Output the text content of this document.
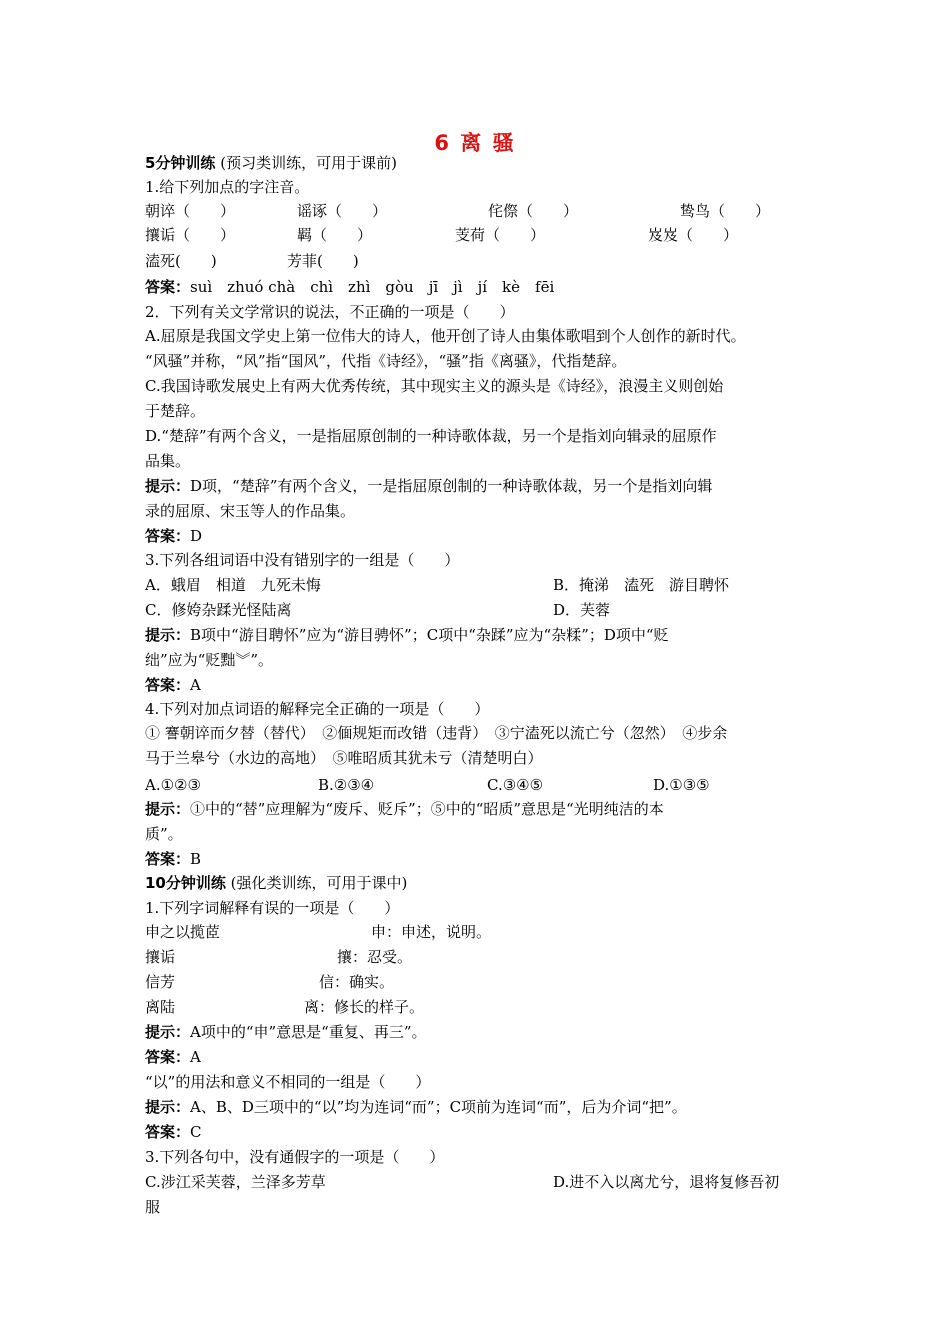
6 离 骚
5分钟训练 (预习类训练，可用于课前)
1.给下列加点的字注音。
朝谇（　　）	谣诼（　　）	侘傺（　　）	鸷鸟（　　）
攘诟（　　）	羁（　　）	芰荷（　　）	岌岌（　　）
溘死(　　)	芳菲(　　)
答案：suì　zhuó chà　chì　zhì　gòu　jī　jì　jí　kè　fēi
2．下列有关文学常识的说法，不正确的一项是（　　）
A.屈原是我国文学史上第一位伟大的诗人，他开创了诗人由集体歌唱到个人创作的新时代。
“风骚”并称，“风”指“国风”，代指《诗经》，“骚”指《离骚》，代指楚辞。
C.我国诗歌发展史上有两大优秀传统，其中现实主义的源头是《诗经》，浪漫主义则创始
于楚辞。
D.“楚辞”有两个含义，一是指屈原创制的一种诗歌体裁，另一个是指刘向辑录的屈原作
品集。
提示：D项，“楚辞”有两个含义，一是指屈原创制的一种诗歌体裁，另一个是指刘向辑
录的屈原、宋玉等人的作品集。
答案：D
3.下列各组词语中没有错别字的一组是（　　）
A．蛾眉　相道　九死未悔	B．掩涕　溘死　游目聘怀
C．修姱杂蹂光怪陆离	D．芙蓉
提示：B项中“游目聘怀”应为“游目骋怀”；C项中“杂蹂”应为“杂糅”；D项中“贬
绌”应为“贬黜︾”。
答案：A
4.下列对加点词语的解释完全正确的一项是（　　）
① 謇朝谇而夕替（替代）　②偭规矩而改错（违背）　③宁溘死以流亡兮（忽然）　④步余
马于兰皋兮（水边的高地）　⑤唯昭质其犹未亏（清楚明白）
A.①②③	B.②③④	C.③④⑤	D.①③⑤
提示：①中的“替”应理解为“废斥、贬斥”；⑤中的“昭质”意思是“光明纯洁的本
质”。
答案：B
10分钟训练 (强化类训练，可用于课中)
1.下列字词解释有误的一项是（　　）
申之以揽茝	申：申述，说明。
攘诟	攘：忍受。
信芳	信：确实。
离陆	离：修长的样子。
提示：A项中的“申”意思是“重复、再三”。
答案：A
“以”的用法和意义不相同的一组是（　　）
提示：A、B、D三项中的“以”均为连词“而”；C项前为连词“而”，后为介词“把”。
答案：C
3.下列各句中，没有通假字的一项是（　　）
C.涉江采芙蓉，兰泽多芳草	D.进不入以离尤兮，退将复修吾初
服
